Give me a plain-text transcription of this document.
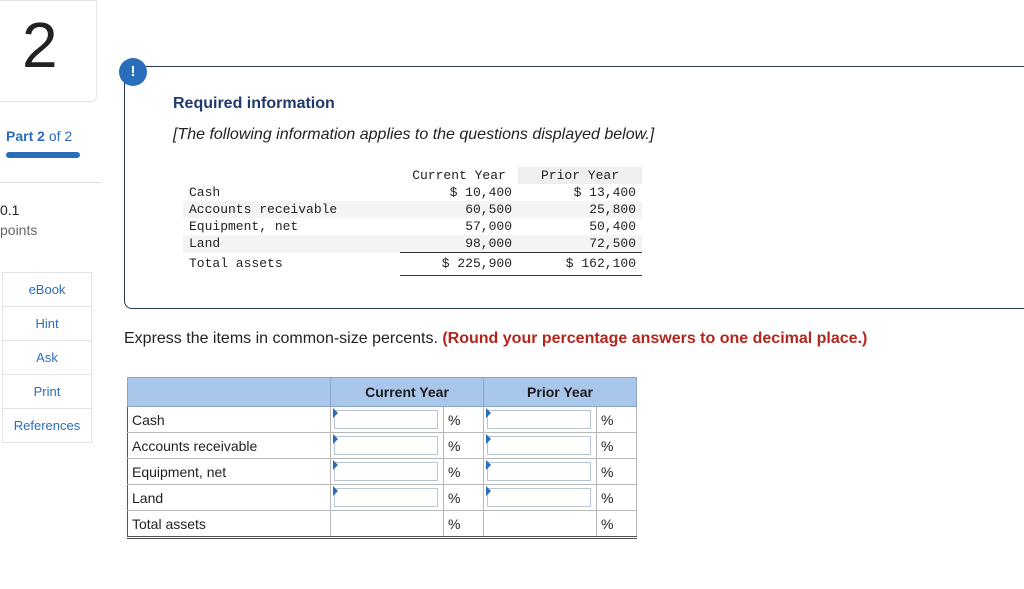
2
Part 2 of 2
0.1
points
eBook
Hint
Ask
Print
References
!
Required information
[The following information applies to the questions displayed below.]
	Current Year	Prior Year
Cash	$ 10,400	$ 13,400
Accounts receivable	60,500	25,800
Equipment, net	57,000	50,400
Land	98,000	72,500
Total assets	$ 225,900	$ 162,100
Express the items in common-size percents. (Round your percentage answers to one decimal place.)
	Current Year		Prior Year	
Cash		%		%
Accounts receivable		%		%
Equipment, net		%		%
Land		%		%
Total assets		%		%
